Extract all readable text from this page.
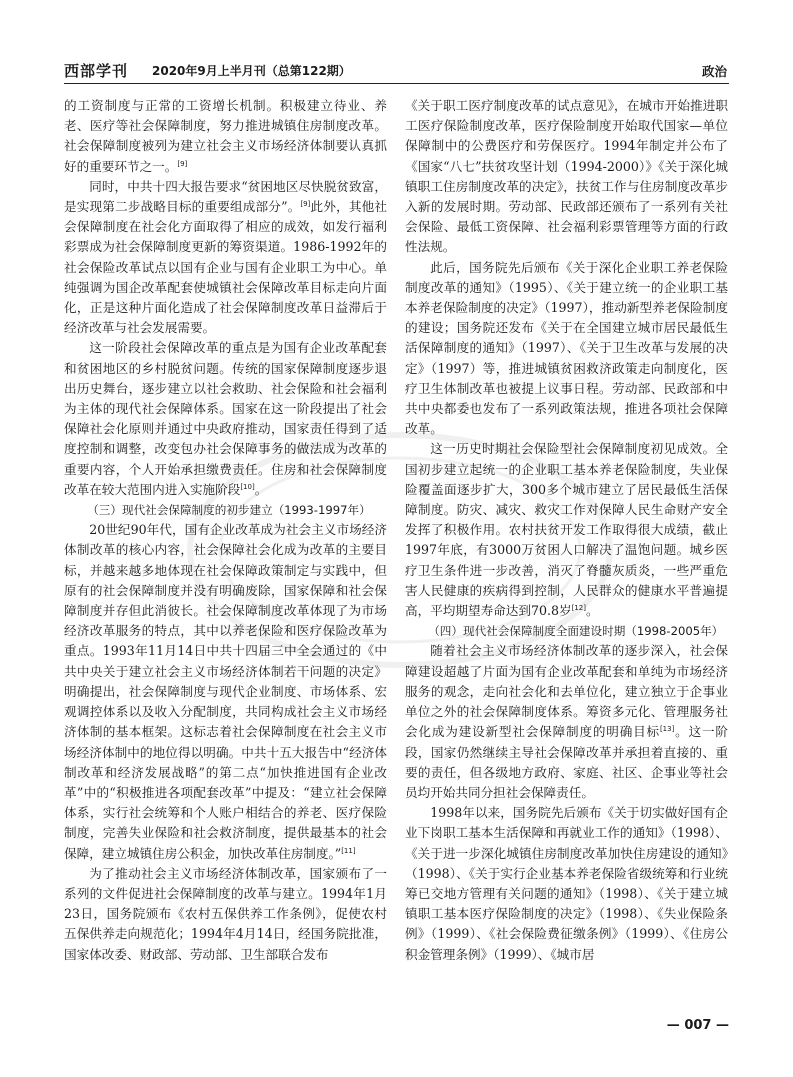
西部学刊 2020年9月上半月刊（总第122期）	政治

的工资制度与正常的工资增长机制。积极建立待业、养老、医疗等社会保障制度，努力推进城镇住房制度改革。社会保障制度被列为建立社会主义市场经济体制要认真抓好的重要环节之一。[9]

同时，中共十四大报告要求“贫困地区尽快脱贫致富，是实现第二步战略目标的重要组成部分”。[9]此外，其他社会保障制度在社会化方面取得了相应的成效，如发行福利彩票成为社会保障制度更新的筹资渠道。1986-1992年的社会保险改革试点以国有企业与国有企业职工为中心。单纯强调为国企改革配套使城镇社会保障改革目标走向片面化，正是这种片面化造成了社会保障制度改革日益滞后于经济改革与社会发展需要。

这一阶段社会保障改革的重点是为国有企业改革配套和贫困地区的乡村脱贫问题。传统的国家保障制度逐步退出历史舞台，逐步建立以社会救助、社会保险和社会福利为主体的现代社会保障体系。国家在这一阶段提出了社会保障社会化原则并通过中央政府推动，国家责任得到了适度控制和调整，改变包办社会保障事务的做法成为改革的重要内容，个人开始承担缴费责任。住房和社会保障制度改革在较大范围内进入实施阶段[10]。

（三）现代社会保障制度的初步建立（1993-1997年）

20世纪90年代，国有企业改革成为社会主义市场经济体制改革的核心内容，社会保障社会化成为改革的主要目标，并越来越多地体现在社会保障政策制定与实践中，但原有的社会保障制度并没有明确废除，国家保障和社会保障制度并存但此消彼长。社会保障制度改革体现了为市场经济改革服务的特点，其中以养老保险和医疗保险改革为重点。1993年11月14日中共十四届三中全会通过的《中共中央关于建立社会主义市场经济体制若干问题的决定》明确提出，社会保障制度与现代企业制度、市场体系、宏观调控体系以及收入分配制度，共同构成社会主义市场经济体制的基本框架。这标志着社会保障制度在社会主义市场经济体制中的地位得以明确。中共十五大报告中“经济体制改革和经济发展战略”的第二点“加快推进国有企业改革”中的“积极推进各项配套改革”中提及：“建立社会保障体系，实行社会统筹和个人账户相结合的养老、医疗保险制度，完善失业保险和社会救济制度，提供最基本的社会保障，建立城镇住房公积金，加快改革住房制度。”[11]

为了推动社会主义市场经济体制改革，国家颁布了一系列的文件促进社会保障制度的改革与建立。1994年1月23日，国务院颁布《农村五保供养工作条例》，促使农村五保供养走向规范化；1994年4月14日，经国务院批准，国家体改委、财政部、劳动部、卫生部联合发布

《关于职工医疗制度改革的试点意见》，在城市开始推进职工医疗保险制度改革，医疗保险制度开始取代国家—单位保障制中的公费医疗和劳保医疗。1994年制定并公布了《国家“八七”扶贫攻坚计划（1994-2000）》《关于深化城镇职工住房制度改革的决定》，扶贫工作与住房制度改革步入新的发展时期。劳动部、民政部还颁布了一系列有关社会保险、最低工资保障、社会福利彩票管理等方面的行政性法规。

此后，国务院先后颁布《关于深化企业职工养老保险制度改革的通知》（1995）、《关于建立统一的企业职工基本养老保险制度的决定》（1997），推动新型养老保险制度的建设；国务院还发布《关于在全国建立城市居民最低生活保障制度的通知》（1997）、《关于卫生改革与发展的决定》（1997）等，推进城镇贫困救济政策走向制度化，医疗卫生体制改革也被提上议事日程。劳动部、民政部和中共中央都委也发布了一系列政策法规，推进各项社会保障改革。

这一历史时期社会保险型社会保障制度初见成效。全国初步建立起统一的企业职工基本养老保险制度，失业保险覆盖面逐步扩大，300多个城市建立了居民最低生活保障制度。防灾、减灾、救灾工作对保障人民生命财产安全发挥了积极作用。农村扶贫开发工作取得很大成绩，截止1997年底，有3000万贫困人口解决了温饱问题。城乡医疗卫生条件进一步改善，消灭了脊髓灰质炎，一些严重危害人民健康的疾病得到控制，人民群众的健康水平普遍提高，平均期望寿命达到70.8岁[12]。

（四）现代社会保障制度全面建设时期（1998-2005年）

随着社会主义市场经济体制改革的逐步深入，社会保障建设超越了片面为国有企业改革配套和单纯为市场经济服务的观念，走向社会化和去单位化，建立独立于企事业单位之外的社会保障制度体系。筹资多元化、管理服务社会化成为建设新型社会保障制度的明确目标[13]。这一阶段，国家仍然继续主导社会保障改革并承担着直接的、重要的责任，但各级地方政府、家庭、社区、企事业等社会员均开始共同分担社会保障责任。

1998年以来，国务院先后颁布《关于切实做好国有企业下岗职工基本生活保障和再就业工作的通知》（1998）、《关于进一步深化城镇住房制度改革加快住房建设的通知》（1998）、《关于实行企业基本养老保险省级统筹和行业统筹已交地方管理有关问题的通知》（1998）、《关于建立城镇职工基本医疗保险制度的决定》（1998）、《失业保险条例》（1999）、《社会保险费征缴条例》（1999）、《住房公积金管理条例》（1999）、《城市居

— 007 —
